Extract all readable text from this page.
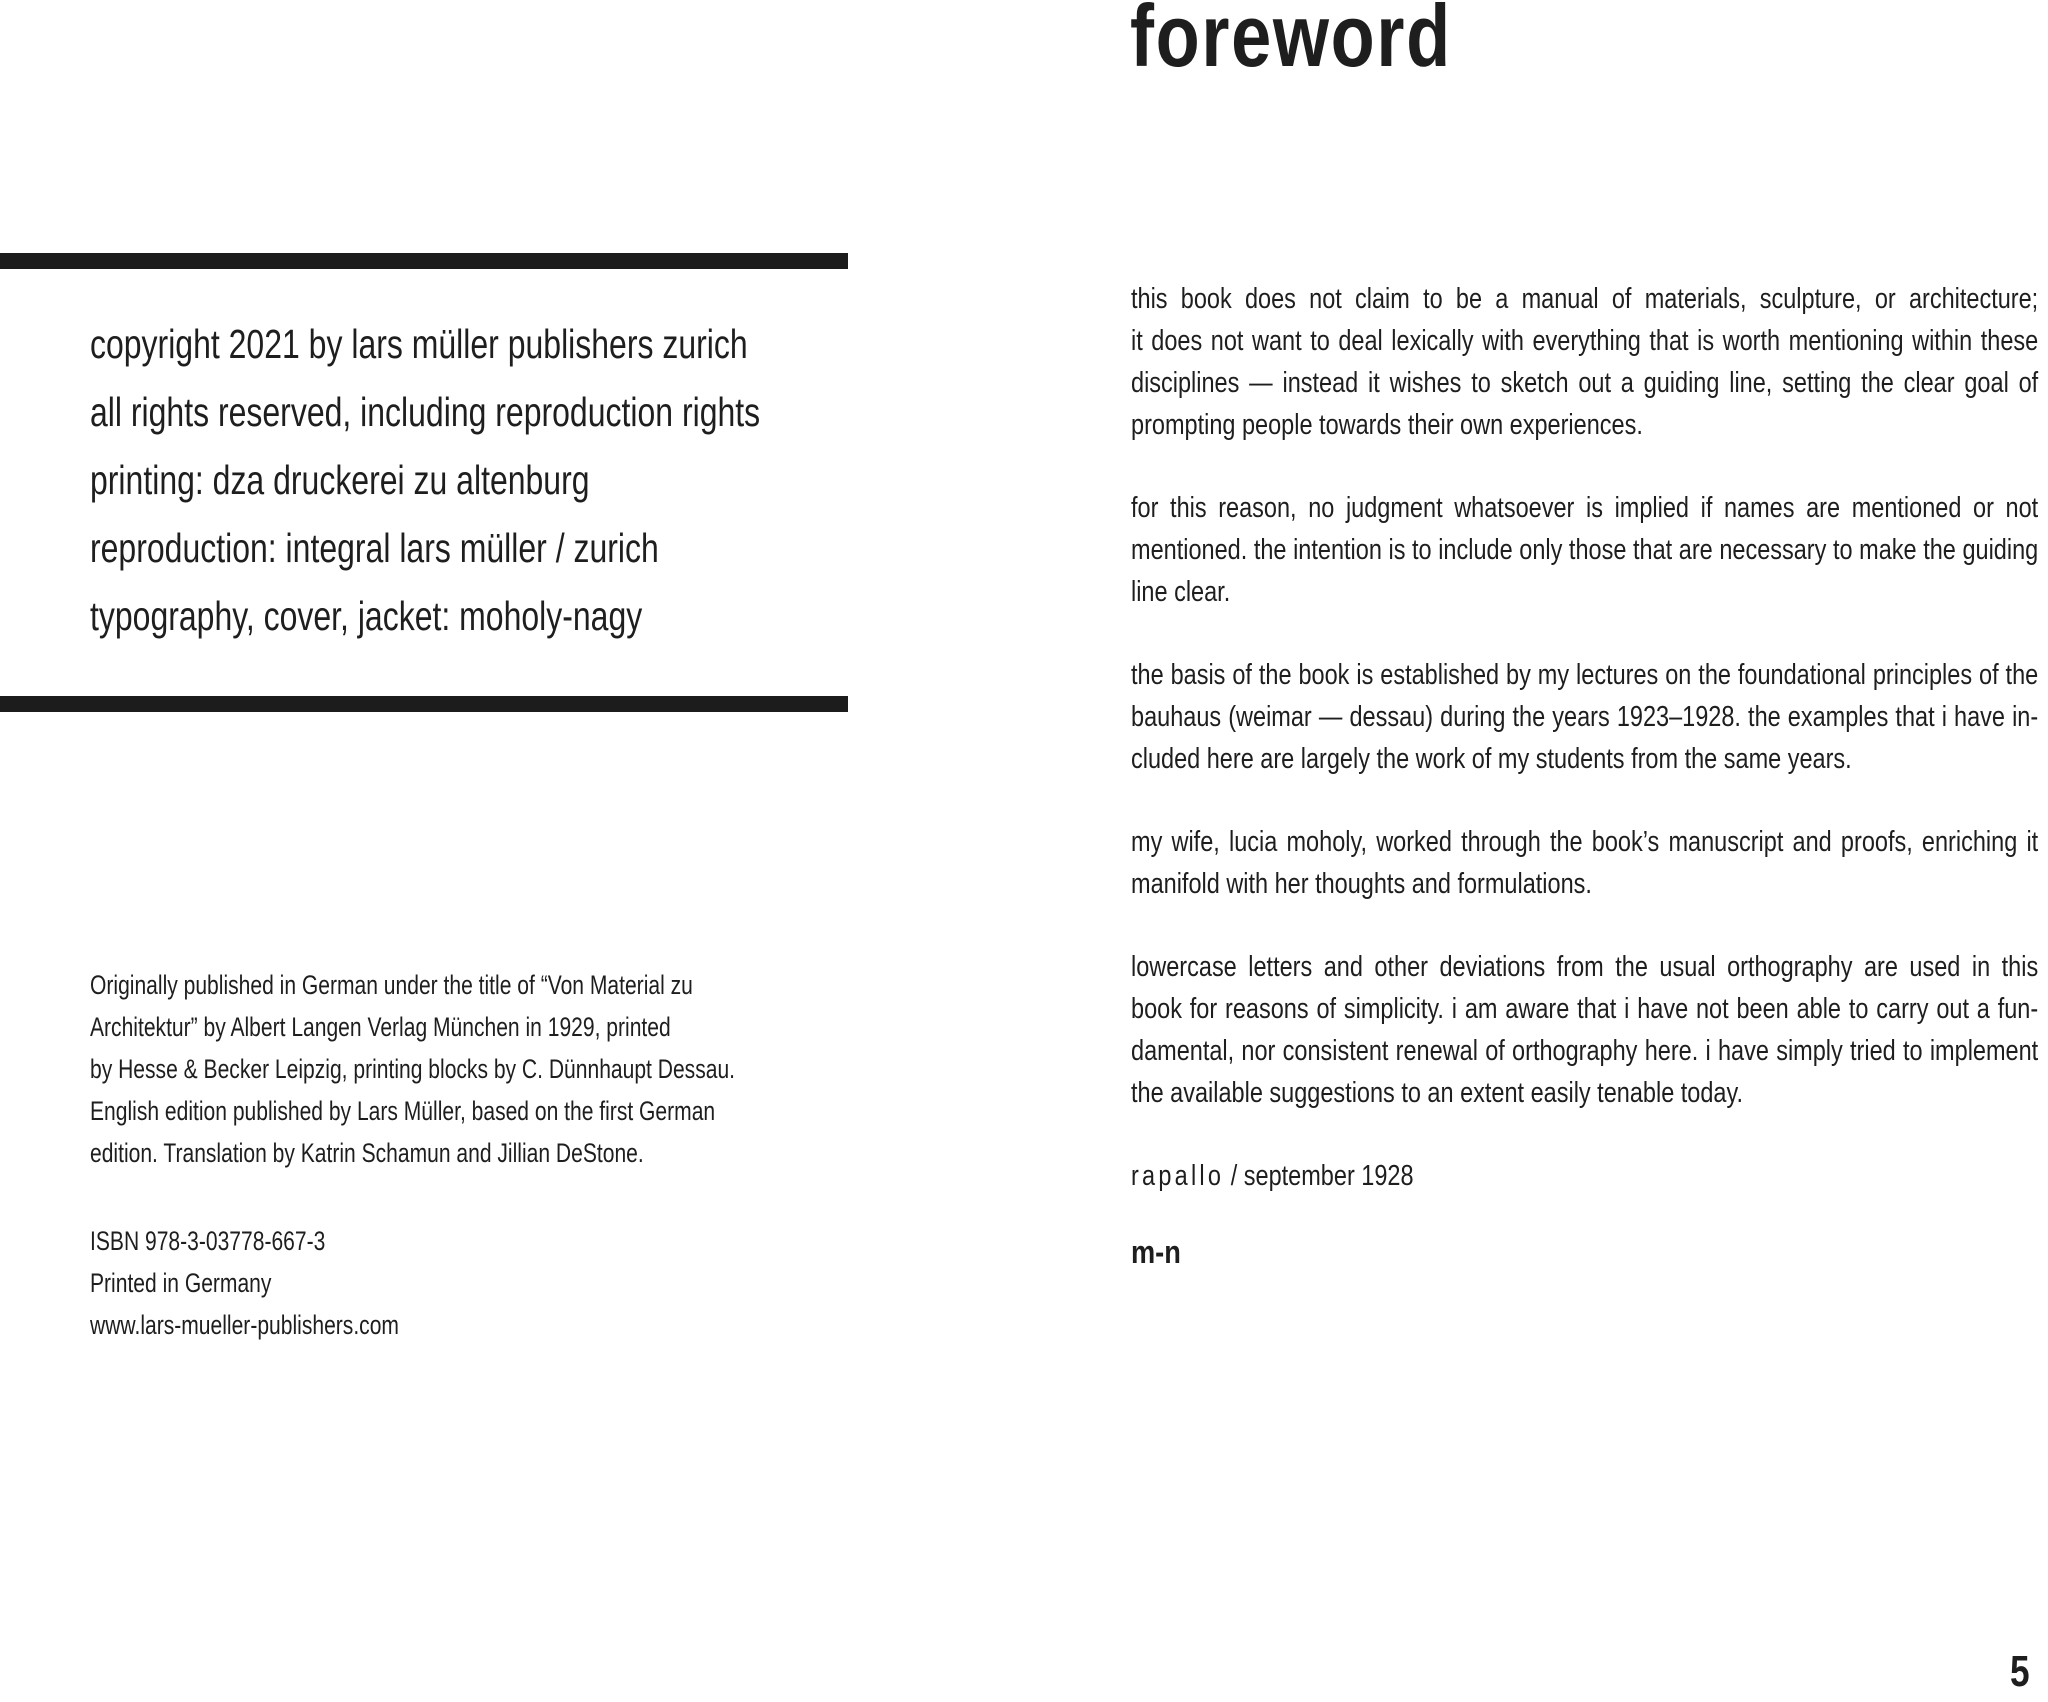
copyright 2021 by lars müller publishers zurich
all rights reserved, including reproduction rights
printing: dza druckerei zu altenburg
reproduction: integral lars müller / zurich
typography, cover, jacket: moholy-nagy
Originally published in German under the title of “Von Material zu
Architektur” by Albert Langen Verlag München in 1929, printed
by Hesse & Becker Leipzig, printing blocks by C. Dünnhaupt Dessau.
English edition published by Lars Müller, based on the first German
edition. Translation by Katrin Schamun and Jillian DeStone.
ISBN 978-3-03778-667-3
Printed in Germany
www.lars-mueller-publishers.com
foreword

this book does not claim to be a manual of materials, sculpture, or architecture;
it does not want to deal lexically with everything that is worth mentioning within these
disciplines — instead it wishes to sketch out a guiding line, setting the clear goal of
prompting people towards their own experiences.

for this reason, no judgment whatsoever is implied if names are mentioned or not
mentioned. the intention is to include only those that are necessary to make the guiding
line clear.

the basis of the book is established by my lectures on the foundational principles of the
bauhaus (weimar — dessau) during the years 1923–1928. the examples that i have in-
cluded here are largely the work of my students from the same years.

my wife, lucia moholy, worked through the book’s manuscript and proofs, enriching it
manifold with her thoughts and formulations.

lowercase letters and other deviations from the usual orthography are used in this
book for reasons of simplicity. i am aware that i have not been able to carry out a fun-
damental, nor consistent renewal of orthography here. i have simply tried to implement
the available suggestions to an extent easily tenable today.

rapallo / september 1928
m-n
5
